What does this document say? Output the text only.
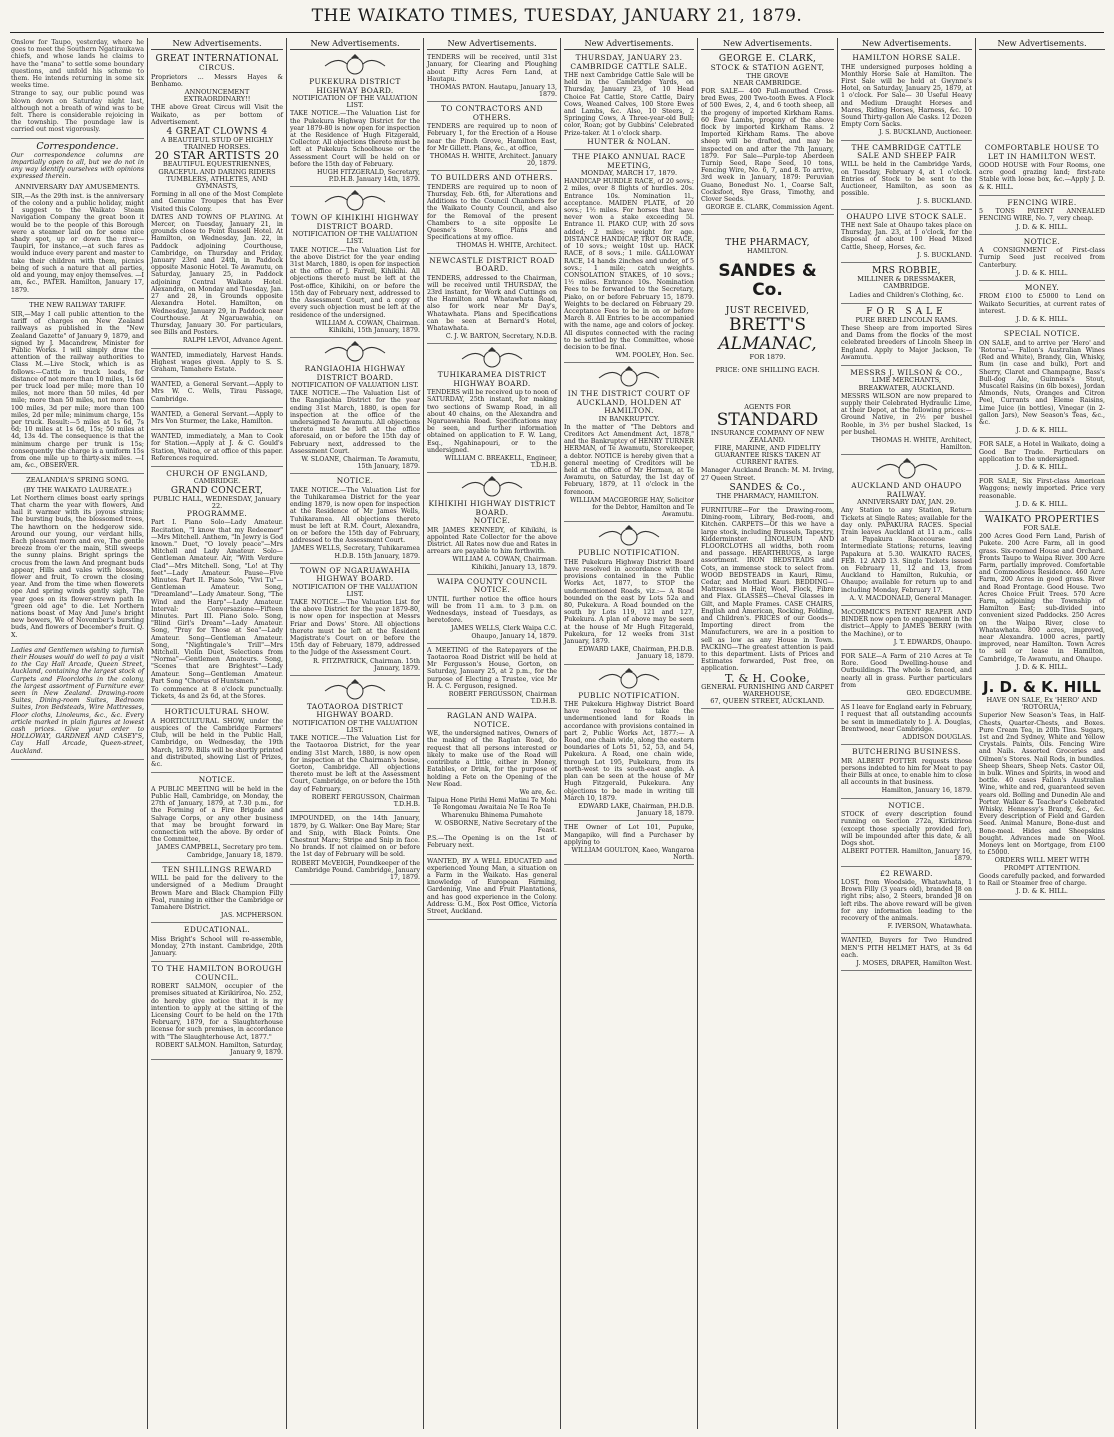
THE WAIKATO TIMES, TUESDAY, JANUARY 21, 1879.

Onslow for Taupo, yesterday, where he goes to meet the Southern Ngatiraukawa chiefs, and whose lands he claims to have the "mana" to settle some boundary questions, and unfold his scheme to them. He intends returning in some six weeks time.

Strange to say, our public pound was blown down on Saturday night last, although not a breath of wind was to be felt. There is considerable rejoicing in the township. The poundage law is carried out most vigorously.

Correspondence.

Our correspondence columns are impartially open to all, but we do not in any way identify ourselves with opinions expressed therein.

ANNIVERSARY DAY AMUSEMENTS.

SIR,—As the 29th inst. is the anniversary of the colony and a public holiday, might I suggest to the Waikato Steam Navigation Company the great boon it would be to the people of this Borough were a steamer laid on for some nice shady spot, up or down the river—Taupiri, for instance,—at such fares as would induce every parent and master to take their children with them, picnics being of such a nature that all parties, old and young, may enjoy themselves. —I am, &c., PATER. Hamilton, January 17, 1879.

THE NEW RAILWAY TARIFF.

SIR,—May I call public attention to the tariff of charges on New Zealand railways as published in the "New Zealand Gazette" of January 9, 1879, and signed by J. Macandrew, Minister for Public Works. I will simply draw the attention of the railway authorities to Class M.—Live Stock, which is as follows:—Cattle in truck loads, for distance of not more than 10 miles, 1s 6d per truck load per mile; more than 10 miles, not more than 50 miles, 4d per mile; more than 50 miles, not more than 100 miles, 3d per mile; more than 100 miles, 2d per mile; minimum charge, 15s per truck. Result:—5 miles at 1s 6d, 7s 6d; 10 miles at 1s 6d, 15s; 50 miles at 4d, 13s 4d. The consequence is that the minimum charge per trunk is 15s; consequently the charge is a uniform 15s from one mile up to thirty-six miles. —I am, &c., OBSERVER.

ZEALANDIA'S SPRING SONG.
(BY THE WAIKATO LAUREATE.)

Let Northern climes boast early springs That charm the year with flowers, And hail it warmer with its joyous strains; The bursting buds, the blossomed trees, The hawthorn on the hedgerow side. Around our young, our verdant hills, Each pleasant morn and eve, The gentle breeze from o'er the main, Still sweeps the sunny plains. Bright springs the crocus from the lawn And pregnant buds appear, Hills and vales with blossom, flower and fruit, To crown the closing year. And from the time when flowerets ope And spring winds gently sigh, The year goes on its flower-strewn path In "green old age" to die. Let Northern nations boast of May And June's bright new bowers, We of November's bursting buds, And flowers of December's fruit. Q. X.

Ladies and Gentlemen wishing to furnish their Houses would do well to pay a visit to the Cay Hall Arcade, Queen Street, Auckland, containing the largest stock of Carpets and Floorcloths in the colony, the largest assortment of Furniture ever seen in New Zealand. Drawing-room Suites, Dining-room Suites, Bedroom Suites, Iron Bedsteads, Wire Mattresses, Floor cloths, Linoleums, &c., &c. Every article marked in plain figures at lowest cash prices. Give your order to HOLLOWAY, GARDNER AND CASEY'S, Cay Hall Arcade, Queen-street, Auckland.

New Advertisements.
GREAT INTERNATIONAL
CIRCUS.

Proprietors ... Messrs Hayes & Benhamo.

ANNOUNCEMENT EXTRAORDINARY!!

THE above Great Circus will Visit the Waikato, as per bottom of Advertisement.

4 GREAT CLOWNS 4
A BEAUTIFUL STUD OF HIGHLY TRAINED HORSES.
20 STAR ARTISTS 20
BEAUTIFUL EQUESTRIENNES, GRACEFUL AND DARING RIDERS
TUMBLERS, ATHLETES, AND GYMNASTS,

Forming in all one of the Most Complete and Genuine Troupes that has Ever Visited this Colony.

DATES AND TOWNS OF PLAYING. At Mercer, on Tuesday, January 21, in grounds close to Point Russell Hotel. At Hamilton, on Wednesday, Jan. 22, in Paddock adjoining Courthouse, Cambridge, on Thursday and Friday, January 23rd and 24th, in Paddock opposite Masonic Hotel. Te Awamutu, on Saturday, January 25, in Paddock adjoining Central Waikato Hotel. Alexandra, on Monday and Tuesday, Jan. 27 and 28, in Grounds opposite Alexandra Hotel. Hamilton, on Wednesday, January 29, in Paddock near Courthouse. At Ngaruawahia, on Thursday, January 30. For particulars, see Bills and Posters.

RALPH LEVOI, Advance Agent.

WANTED, immediately, Harvest Hands. Highest wages given. Apply to S. S. Graham, Tamahere Estate.

WANTED, a General Servant.—Apply to Mrs W. C. Wells, Tirau Passage, Cambridge.

WANTED, a General Servant.—Apply to Mrs Von Sturmer, the Lake, Hamilton.

WANTED, immediately, a Man to Cook for Station.—Apply at J. & C. Gould's Station, Waitoa, or at office of this paper. References required.

CHURCH OF ENGLAND,
CAMBRIDGE.
GRAND CONCERT,
PUBLIC HALL, WEDNESDAY, January 22.
PROGRAMME.

Part I. Piano Solo—Lady Amateur. Recitation, "I know that my Redeemer" —Mrs Mitchell. Anthem, "In Jewry is God known." Duet, "O lovely peace"—Mrs Mitchell and Lady Amateur. Solo—Gentleman Amateur. Air, "With Verdure Clad"—Mrs Mitchell. Song, "Lo! at Thy feet"—Lady Amateur. Pause—Five Minutes. Part II. Piano Solo, "Vivi Tu"—Gentleman Amateur. Song, "Dreamland"—Lady Amateur. Song, "The Wind and the Harp"—Lady Amateur. Interval: Conversazione—Fifteen Minutes. Part III. Piano Solo. Song, "Blind Girl's Dream"—Lady Amateur. Song, "Pray for Those at Sea"—Lady Amateur. Song—Gentleman Amateur. Song, "Nightingale's Trill"—Mrs Mitchell. Violin Duet, Selections from "Norma"—Gentlemen Amateurs. Song, "Scenes that are Brightest"—Lady Amateur. Song—Gentleman Amateur. Part Song "Chorus of Huntsmen."

To commence at 8 o'clock punctually. Tickets, 4s and 2s 6d, at the Stores.

HORTICULTURAL SHOW.

A HORTICULTURAL SHOW, under the auspices of the Cambridge Farmers' Club, will be held in the Public Hall, Cambridge, on Wednesday, the 19th March, 1879. Bills will be shortly printed and distributed, showing List of Prizes, &c.

NOTICE.

A PUBLIC MEETING will be held in the Public Hall, Cambridge, on Monday, the 27th of January, 1879, at 7.30 p.m., for the Forming of a Fire Brigade and Salvage Corps, or any other business that may be brought forward in connection with the above. By order of the Committee,

JAMES CAMPBELL, Secretary pro tem. Cambridge, January 18, 1879.
TEN SHILLINGS REWARD

WILL be paid for the delivery to the undersigned of a Medium Draught Brown Mare and Black Champion Filly Foal, running in either the Cambridge or Tamahere District.

JAS. MCPHERSON.
EDUCATIONAL.

Miss Bright's School will re-assemble, Monday, 27th instant. Cambridge, 20th January.

TO THE HAMILTON BOROUGH COUNCIL.

ROBERT SALMON, occupier of the premises situated at Kirikiriroa, No. 252, do hereby give notice that it is my intention to apply at the sitting of the Licensing Court to be held on the 17th February, 1879, for a Slaughterhouse license for such premises, in accordance with "The Slaughterhouse Act, 1877."

ROBERT SALMON. Hamilton, Saturday, January 9, 1879.
New Advertisements.
PUKEKURA DISTRICT HIGHWAY BOARD.
NOTIFICATION OF THE VALUATION LIST.

TAKE NOTICE.—The Valuation List for the Pukekura Highway District for the year 1879-80 is now open for inspection at the Residence of Hugh Fitzgerald, Collector. All objections thereto must be left at Pukekura Schoolhouse or the Assessment Court will be held on or before the 15th day of February.

HUGH FITZGERALD, Secretary, P.D.H.B. January 14th, 1879.
TOWN OF KIHIKIHI HIGHWAY DISTRICT BOARD.
NOTIFICATION OF THE VALUATION LIST.

TAKE NOTICE.—The Valuation List for the above District for the year ending 31st March, 1880, is open for inspection at the office of J. Farrell, Kihikihi. All objections thereto must be left at the Post-office, Kihikihi, on or before the 15th day of February next, addressed to the Assessment Court, and a copy of every such objection must be left at the residence of the undersigned.

WILLIAM A. COWAN, Chairman. Kihikihi, 15th January, 1879.
RANGIAOHIA HIGHWAY DISTRICT BOARD.
NOTIFICATION OF VALUATION LIST.

TAKE NOTICE.—The Valuation List of the Rangiaohia District for the year ending 31st March, 1880, is open for inspection at the office of the undersigned Te Awamutu. All objections thereto must be left at the office aforesaid, on or before the 15th day of February next, addressed to the Assessment Court.

W. SLOANE, Chairman. Te Awamutu, 15th January, 1879.
NOTICE.

TAKE NOTICE.—The Valuation List for the Tuhikaramea District for the year ending 1879, is now open for inspection at the Residence of Mr James Wells, Tuhikaramea. All objections thereto must be left at R.M. Court, Alexandra, on or before the 15th day of February, addressed to the Assessment Court.

JAMES WELLS, Secretary, Tuhikaramea H.D.B. 15th January, 1879.
TOWN OF NGARUAWAHIA HIGHWAY BOARD.
NOTIFICATION OF THE VALUATION LIST.

TAKE NOTICE.—The Valuation List for the above District for the year 1879-80, is now open for inspection at Messrs Friar and Dows' Store. All objections thereto must be left at the Resident Magistrate's Court on or before the 15th day of February, 1879, addressed to the Judge of the Assessment Court.

R. FITZPATRICK, Chairman. 15th January, 1879.
TAOTAOROA DISTRICT HIGHWAY BOARD.
NOTIFICATION OF THE VALUATION LIST.

TAKE NOTICE.—The Valuation List for the Taotaoroa District, for the year ending 31st March, 1880, is now open for inspection at the Chairman's house, Gorton, Cambridge. All objections thereto must be left at the Assessment Court, Cambridge, on or before the 15th day of February.

ROBERT FERGUSSON, Chairman T.D.H.B.

IMPOUNDED, on the 14th January, 1879, by G. Walker: One Bay Mare; Star and Snip, with Black Points. One Chestnut Mare; Stripe and Snip in face. No brands. If not claimed on or before the 1st day of February will be sold.

ROBERT McVEIGH, Poundkeeper of the Cambridge Pound. Cambridge, January 17, 1879.
New Advertisements.

TENDERS will be received, until 31st January, for Clearing and Ploughing about Fifty Acres Fern Land, at Hautapu.

THOMAS PATON. Hautapu, January 13, 1879.
TO CONTRACTORS AND OTHERS.

TENDERS are required up to noon of February 1, for the Erection of a House near the Pinch Grove, Hamilton East, for Mr Gillett. Plans, &c., at office,

THOMAS H. WHITE, Architect. January 20, 1879.
TO BUILDERS AND OTHERS.

TENDERS are required up to noon of Thursday, Feb. 6th, for Alterations and Additions to the Council Chambers for the Waikato County Council, and also for the Removal of the present Chambers to a site opposite Le Quesne's Store. Plans and Specifications at my office.

THOMAS H. WHITE, Architect.
NEWCASTLE DISTRICT ROAD BOARD.

TENDERS, addressed to the Chairman, will be received until THURSDAY, the 23rd instant, for Work and Cuttings on the Hamilton and Whatawhata Road, also for work near Mr Day's, Whatawhata. Plans and Specifications can be seen at Bernard's Hotel, Whatawhata.

C. J. W. BARTON, Secretary, N.D.B.
TUHIKARAMEA DISTRICT HIGHWAY BOARD.

TENDERS will be received up to noon of SATURDAY, 25th instant, for making two sections of Swamp Road, in all about 40 chains, on the Alexandra and Ngaruawahia Road. Specifications may be seen, and further information obtained on application to F. W. Lang, Esq., Ngahinapouri, or to the undersigned.

WILLIAM C. BREAKELL, Engineer, T.D.H.B.
KIHIKIHI HIGHWAY DISTRICT BOARD.
NOTICE.

MR JAMES KENNEDY, of Kihikihi, is appointed Rate Collector for the above District. All Rates now due and Rates in arrears are payable to him forthwith.

WILLIAM A. COWAN, Chairman. Kihikihi, January 13, 1879.
WAIPA COUNTY COUNCIL
NOTICE.

UNTIL further notice the office hours will be from 11 a.m. to 3 p.m. on Wednesdays, instead of Tuesdays, as heretofore.

JAMES WELLS, Clerk Waipa C.C. Ohaupo, January 14, 1879.

A MEETING of the Ratepayers of the Taotaoroa Road District will be held at Mr Fergusson's House, Gorton, on Saturday, January 25, at 2 p.m., for the purpose of Electing a Trustee, vice Mr H. A. C. Ferguson, resigned.

ROBERT FERGUSSON, Chairman T.D.H.B.
RAGLAN AND WAIPA.
NOTICE.

WE, the undersigned natives, Owners of the making of the Raglan Road, do request that all persons interested or likely to make use of the Road will contribute a little, either in Money, Eatables, or Drink, for the purpose of holding a Fete on the Opening of the New Road.

We are, &c.

Taipua Hone Pirihi Hemi Matini Te Mohi Te Rongomau Awaitaia Ne Te Roa Te Wharenuku Bhinema Pumahote

W. OSBORNE, Native Secretary of the Feast.

P.S.—The Opening is on the 1st of February next.

WANTED, BY A WELL EDUCATED and experienced Young Man, a situation on a Farm in the Waikato. Has general knowledge of European Farming, Gardening, Vine and Fruit Plantations, and has good experience in the Colony. Address: G.M., Box Post Office, Victoria Street, Auckland.

New Advertisements.
THURSDAY, JANUARY 23.
CAMBRIDGE CATTLE SALE.

THE next Cambridge Cattle Sale will be held in the Cambridge Yards, on Thursday, January 23, of 10 Head Choice Fat Cattle, Store Cattle, Dairy Cows, Weaned Calves, 100 Store Ewes and Lambs, &c. Also, 10 Steers, 2 Springing Cows, A Three-year-old Bull; color, Roan; got by Gubbins' Celebrated Prize-taker. At 1 o'clock sharp.

HUNTER & NOLAN.
THE PIAKO ANNUAL RACE MEETING,
MONDAY, MARCH 17, 1879.

HANDICAP HURDLE RACE, of 20 sovs.; 2 miles, over 8 flights of hurdles. 20s. Entrance 10s. Nomination 1l., acceptance. MAIDEN PLATE, of 20 sovs.; 1½ miles. For horses that have never won a stake exceeding 5l. Entrance 1l. PIAKO CUP, with 20 sovs added; 2 miles; weight for age. DISTANCE HANDICAP, TROT OR RACE, of 10 sovs.; weight 10st up. HACK RACE, of 8 sovs.; 1 mile. GALLOWAY RACE, 14 hands 2inches and under, of 5 sovs.; 1 mile; catch weights. CONSOLATION STAKES, of 10 sovs.; 1½ miles. Entrance 10s. Nomination Fees to be forwarded to the Secretary, Piako, on or before February 15, 1879. Weights to be declared on February 29. Acceptance Fees to be in on or before March 8. All Entries to be accompanied with the name, age and colors of jockey. All disputes connected with the racing to be settled by the Committee, whose decision to be final.

WM. POOLEY, Hon. Sec.
IN THE DISTRICT COURT OF AUCKLAND, HOLDEN AT HAMILTON.
IN BANKRUPTCY.

In the matter of "The Debtors and Creditors Act Amendment Act, 1878," and the Bankruptcy of HENRY TURNER HERMAN, of Te Awamutu, Storekeeper, a debtor. NOTICE is hereby given that a general meeting of Creditors will be held at the office of Mr Herman, at Te Awamutu, on Saturday, the 1st day of February, 1879, at 11 o'clock in the forenoon.

WILLIAM MACGEORGE HAY, Solicitor for the Debtor, Hamilton and Te Awamutu.
PUBLIC NOTIFICATION.

THE Pukekura Highway District Board have resolved in accordance with the provisions contained in the Public Works Act, 1877, to STOP the undermentioned Roads, viz.:— A Road bounded on the east by Lots 52a and 80, Pukekura. A Road bounded on the south by Lots 119, 121 and 127, Pukekura. A plan of above may be seen at the house of Mr Hugh Fitzgerald, Pukekura, for 12 weeks from 31st January, 1879.

EDWARD LAKE, Chairman, P.H.D.B. January 18, 1879.
PUBLIC NOTIFICATION.

THE Pukekura Highway District Board have resolved to take the undermentioned land for Roads in accordance with provisions contained in part 2, Public Works Act, 1877:— A Road, one chain wide, along the eastern boundaries of Lots 51, 52, 53, and 54, Pukekura. A Road, one chain wide, through Lot 195, Pukekura, from its north-west to its south-east angle. A plan can be seen at the house of Mr Hugh Fitzgerald, Pukekura. Any objections to be made in writing till March 10, 1879.

EDWARD LAKE, Chairman, P.H.D.B. January 18, 1879.

THE Owner of Lot 101, Pupuke, Mangapiko, will find a Purchaser by applying to

WILLIAM GOULTON, Kaeo, Wangaroa North.
New Advertisements.
GEORGE E. CLARK,
STOCK & STATION AGENT,
THE GROVE
NEAR CAMBRIDGE.

FOR SALE— 400 Full-mouthed Cross-bred Ewes, 200 Two-tooth Ewes. A Flock of 500 Ewes, 2, 4, and 6 tooth sheep, all the progeny of imported Kirkham Rams. 60 Ewe Lambs, progeny of the above flock by imported Kirkham Rams. 2 Imported Kirkham Rams. The above sheep will be drafted, and may be inspected on and after the 7th January, 1879. For Sale—Purple-top Aberdeen Turnip Seed, Rape Seed, 10 tons, Fencing Wire, No. 6, 7, and 8. To arrive, 3rd week in January, 1879: Peruvian Guano, Bonedust No. 1, Coarse Salt, Cocksfoot, Rye Grass, Timothy, and Clover Seeds.

GEORGE E. CLARK, Commission Agent.
THE PHARMACY,
HAMILTON.
SANDES & Co.
JUST RECEIVED,
BRETT'S
ALMANAC,
FOR 1879.
PRICE: ONE SHILLING EACH.
AGENTS FOR
STANDARD
INSURANCE COMPANY OF NEW ZEALAND.
FIRE, MARINE, AND FIDELITY GUARANTEE RISKS TAKEN AT CURRENT RATES.

Manager Auckland Branch: M. M. Irving, 27 Queen Street.

SANDES & Co.,
THE PHARMACY, HAMILTON.

FURNITURE—For the Drawing-room, Dining-room, Library, Bed-room, and Kitchen. CARPETS—Of this we have a large stock, including Brussels, Tapestry, Kidderminster. LINOLEUM AND FLOORCLOTHS all widths, both room and passage. HEARTHRUGS, a large assortment. IRON BEDSTEADS and Cots, an immense stock to select from. WOOD BEDSTEADS in Kauri, Rimu, Cedar, and Mottled Kauri. BEDDING—Mattresses in Hair, Wool, Flock, Fibre and Flax. GLASSES—Cheval Glasses in Gilt, and Maple Frames. CASE CHAIRS, English and American, Rocking, Folding, and Children's. PRICES of our Goods—Importing direct from the Manufacturers, we are in a position to sell as low as any House in Town. PACKING—The greatest attention is paid to this department. Lists of Prices and Estimates forwarded, Post free, on application.

T. & H. Cooke,
GENERAL FURNISHING AND CARPET WAREHOUSE,
67, QUEEN STREET, AUCKLAND.
New Advertisements.
HAMILTON HORSE SALE.

THE undersigned purposes holding a Monthly Horse Sale at Hamilton. The First Sale will be held at Gwynne's Hotel, on Saturday, January 25, 1879, at 1 o'clock. For Sale— 30 Useful Heavy and Medium Draught Horses and Mares, Riding Horses, Harness, &c. 10 Sound Thirty-gallon Ale Casks. 12 Dozen Empty Corn Sacks.

J. S. BUCKLAND, Auctioneer.
THE CAMBRIDGE CATTLE SALE AND SHEEP FAIR

WILL be held in the Cambridge Yards, on Tuesday, February 4, at 1 o'clock. Entries of Stock to be sent to the Auctioneer, Hamilton, as soon as possible.

J. S. BUCKLAND.
OHAUPO LIVE STOCK SALE.

THE next Sale at Ohaupo takes place on Thursday, Jan. 23, at 1 o'clock, for the disposal of about 100 Head Mixed Cattle, Sheep, Horses, &c.

J. S. BUCKLAND.
MRS ROBBIE,
MILLINER & DRESSMAKER,
CAMBRIDGE.

Ladies and Children's Clothing, &c.

FOR SALE
PURE BRED LINCOLN RAMS.

These Sheep are from imported Sires and Dams from the flocks of the most celebrated breeders of Lincoln Sheep in England. Apply to Major Jackson, Te Awamutu.

MESSRS J. WILSON & CO.,
LIME MERCHANTS,
BREAKWATER, AUCKLAND.

MESSRS WILSON are now prepared to supply their Celebrated Hydraulic Lime, at their Depot, at the following prices:— Ground Native, in 2½ per bushel Rooble, in 3½ per bushel Slacked, 1s per bushel.

THOMAS H. WHITE, Architect, Hamilton.
AUCKLAND AND OHAUPO RAILWAY.
ANNIVERSARY DAY, JAN. 29.

Any Station to any Station, Return Tickets at Single Rates; available for the day only. PAPAKURA RACES. Special Train leaves Auckland at 11 a.m., calls at Papakura Racecourse and Intermediate Stations; returns, leaving Papakura at 5.30. WAIKATO RACES, FEB. 12 AND 13. Single Tickets issued on February 11, 12 and 13, from Auckland to Hamilton, Rukuhia, or Ohaupo; available for return up to and including Monday, February 17.

A. V. MACDONALD, General Manager.

McCORMICK'S PATENT REAPER AND BINDER now open to engagement in the district—Apply to JAMES BERRY (with the Machine), or to

J. T. EDWARDS, Ohaupo.

FOR SALE—A Farm of 210 Acres at Te Rore. Good Dwelling-house and Outbuildings. The whole is fenced, and nearly all in grass. Further particulars from

GEO. EDGECUMBE.

AS I leave for England early in February, I request that all outstanding accounts be sent in immediately to J. A. Douglas, Brentwood, near Cambridge.

ADDISON DOUGLAS.
BUTCHERING BUSINESS.

MR ALBERT POTTER requests those persons indebted to him for Meat to pay their Bills at once, to enable him to close all accounts in that business.

Hamilton, January 16, 1879.
NOTICE.

STOCK of every description found running on Section 272a, Kirikiriroa (except those specially provided for), will be impounded after this date, & all Dogs shot.

ALBERT POTTER. Hamilton, January 16, 1879.
£2 REWARD.

LOST, from Woodside, Whatawhata, 1 Brown Filly (3 years old), branded J8 on right ribs; also, 2 Steers, branded J8 on left ribs. The above reward will be given for any information leading to the recovery of the animals.

F. IVERSON, Whatawhata.

WANTED, Buyers for Two Hundred MEN'S PITH HELMET HATS, at 3s 6d each.

J. MOSES, DRAPER, Hamilton West.
New Advertisements.
COMFORTABLE HOUSE TO LET IN HAMILTON WEST.

GOOD HOUSE with Four Rooms, one acre good grazing land; first-rate Stable with loose box, &c.—Apply J. D. & K. HILL.

FENCING WIRE.

5 TONS PATENT ANNEALED FENCING WIRE, No. 7, very cheap.

J. D. & K. HILL.
NOTICE.

A CONSIGNMENT of First-class Turnip Seed just received from Canterbury.

J. D. & K. HILL.
MONEY.

FROM £100 to £5000 to Lend on Waikato Securities, at current rates of interest.

J. D. & K. HILL.
SPECIAL NOTICE.

ON SALE, and to arrive per 'Hero' and 'Rotorua'— Fallon's Australian Wines (Red and White), Brandy, Gin, Whisky, Rum (in case and bulk), Port and Sherry, Claret and Champagne, Bass's Bull-dog Ale, Guinness's Stout, Muscatel Raisins (in 6lb boxes), Jordan Almonds, Nuts, Oranges and Citron Peel, Currants and Eleme Raisins, Lime Juice (in bottles), Vinegar (in 2-gallon Jars), New Season's Teas, &c., &c.

J. D. & K. HILL.

FOR SALE, a Hotel in Waikato, doing a Good Bar Trade. Particulars on application to the undersigned.

J. D. & K. HILL.

FOR SALE, Six First-class American Waggons; newly imported. Price very reasonable.

J. D. & K. HILL.
WAIKATO PROPERTIES
FOR SALE.

200 Acres Good Fern Land, Parish of Pukete. 200 Acre Farm, all in good grass. Six-roomed House and Orchard. Fronts Taupo to Waipa River. 300 Acre Farm, partially improved. Comfortable and Commodious Residence. 460 Acre Farm, 200 Acres in good grass. River and Road Frontage. Good House. Two Acres Choice Fruit Trees. 570 Acre Farm, adjoining the Township of Hamilton East; sub-divided into convenient sized Paddocks. 250 Acres on the Waipa River, close to Whatawhata. 800 acres, improved, near Alexandra. 1000 acres, partly improved, near Hamilton. Town Acres to sell or lease in Hamilton, Cambridge, Te Awamutu, and Ohaupo.

J. D. & K. HILL.
J. D. & K. HILL
HAVE ON SALE, Ex 'HERO' AND 'ROTORUA,'

Superior New Season's Teas, in Half-Chests, Quarter-Chests, and Boxes. Pure Cream Tea, in 20lb Tins. Sugars, 1st and 2nd Sydney, White and Yellow Crystals. Paints, Oils. Fencing Wire and Nails. Assorted Groceries and Oilmen's Stores. Nail Rods, in bundles. Sheep Shears, Sheep Nets. Castor Oil, in bulk. Wines and Spirits, in wood and bottle. 40 cases Fallon's Australian Wine, white and red, guaranteed seven years old. Bolling and Dunedin Ale and Porter. Walker & Teacher's Celebrated Whisky. Hennessy's Brandy, &c., &c. Every description of Field and Garden Seed. Animal Manure, Bone-dust and Bone-meal. Hides and Sheepskins bought. Advances made on Wool. Moneys lent on Mortgage, from £100 to £5000.

ORDERS WILL MEET WITH PROMPT ATTENTION.

Goods carefully packed, and forwarded to Rail or Steamer free of charge.

J. D. & K. HILL.
